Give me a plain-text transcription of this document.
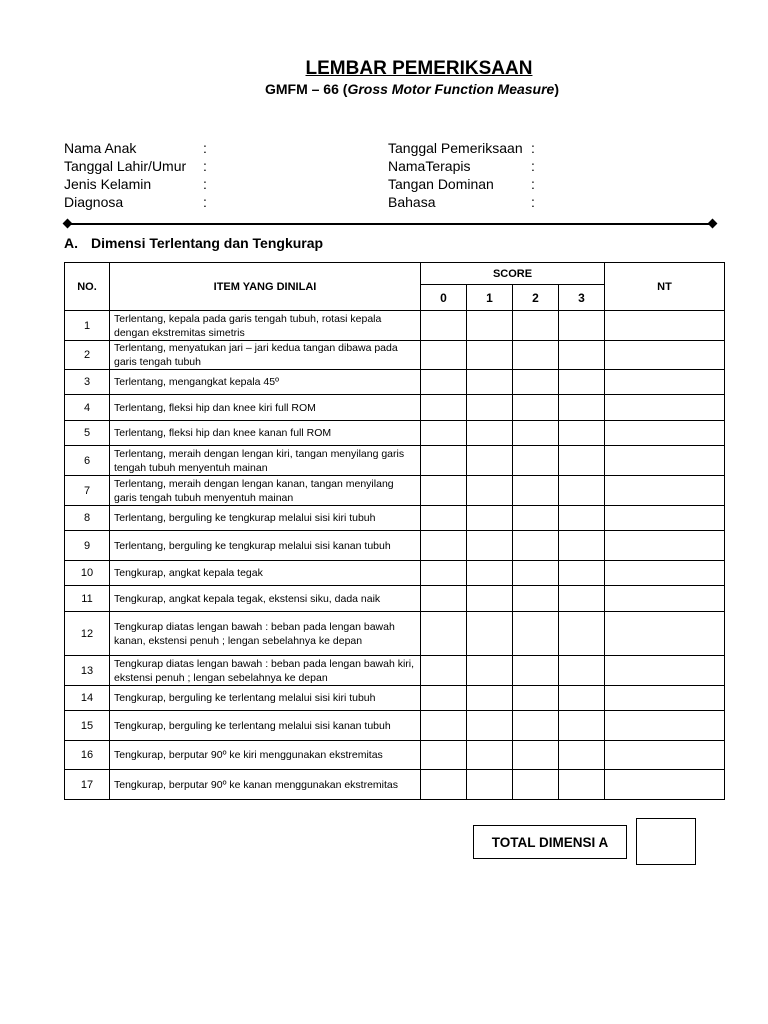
LEMBAR PEMERIKSAAN
GMFM – 66 (Gross Motor Function Measure)
Nama Anak	:
Tanggal Lahir/Umur	:
Jenis Kelamin	:
Diagnosa	:
Tanggal Pemeriksaan :
NamaTerapis	:
Tangan Dominan	:
Bahasa	:
A. Dimensi Terlentang dan Tengkurap
NO.	ITEM YANG DINILAI	SCORE				NT
		0	1	2	3	
1	Terlentang, kepala pada garis tengah tubuh, rotasi kepala dengan ekstremitas simetris					
2	Terlentang, menyatukan jari – jari kedua tangan dibawa pada garis tengah tubuh					
3	Terlentang, mengangkat kepala 45º					
4	Terlentang, fleksi hip dan knee kiri full ROM					
5	Terlentang, fleksi hip dan knee kanan full ROM					
6	Terlentang, meraih dengan lengan kiri, tangan menyilang garis tengah tubuh menyentuh mainan					
7	Terlentang, meraih dengan lengan kanan, tangan menyilang garis tengah tubuh menyentuh mainan					
8	Terlentang, berguling ke tengkurap melalui sisi kiri tubuh					
9	Terlentang, berguling ke tengkurap melalui sisi kanan tubuh					
10	Tengkurap, angkat kepala tegak					
11	Tengkurap, angkat kepala tegak, ekstensi siku, dada naik					
12	Tengkurap diatas lengan bawah : beban pada lengan bawah kanan, ekstensi penuh ; lengan sebelahnya ke depan					
13	Tengkurap diatas lengan bawah : beban pada lengan bawah kiri, ekstensi penuh ; lengan sebelahnya ke depan					
14	Tengkurap, berguling ke terlentang melalui sisi kiri tubuh					
15	Tengkurap, berguling ke terlentang melalui sisi kanan tubuh					
16	Tengkurap, berputar 90º ke kiri menggunakan ekstremitas					
17	Tengkurap, berputar 90º ke kanan menggunakan ekstremitas					
TOTAL DIMENSI A
